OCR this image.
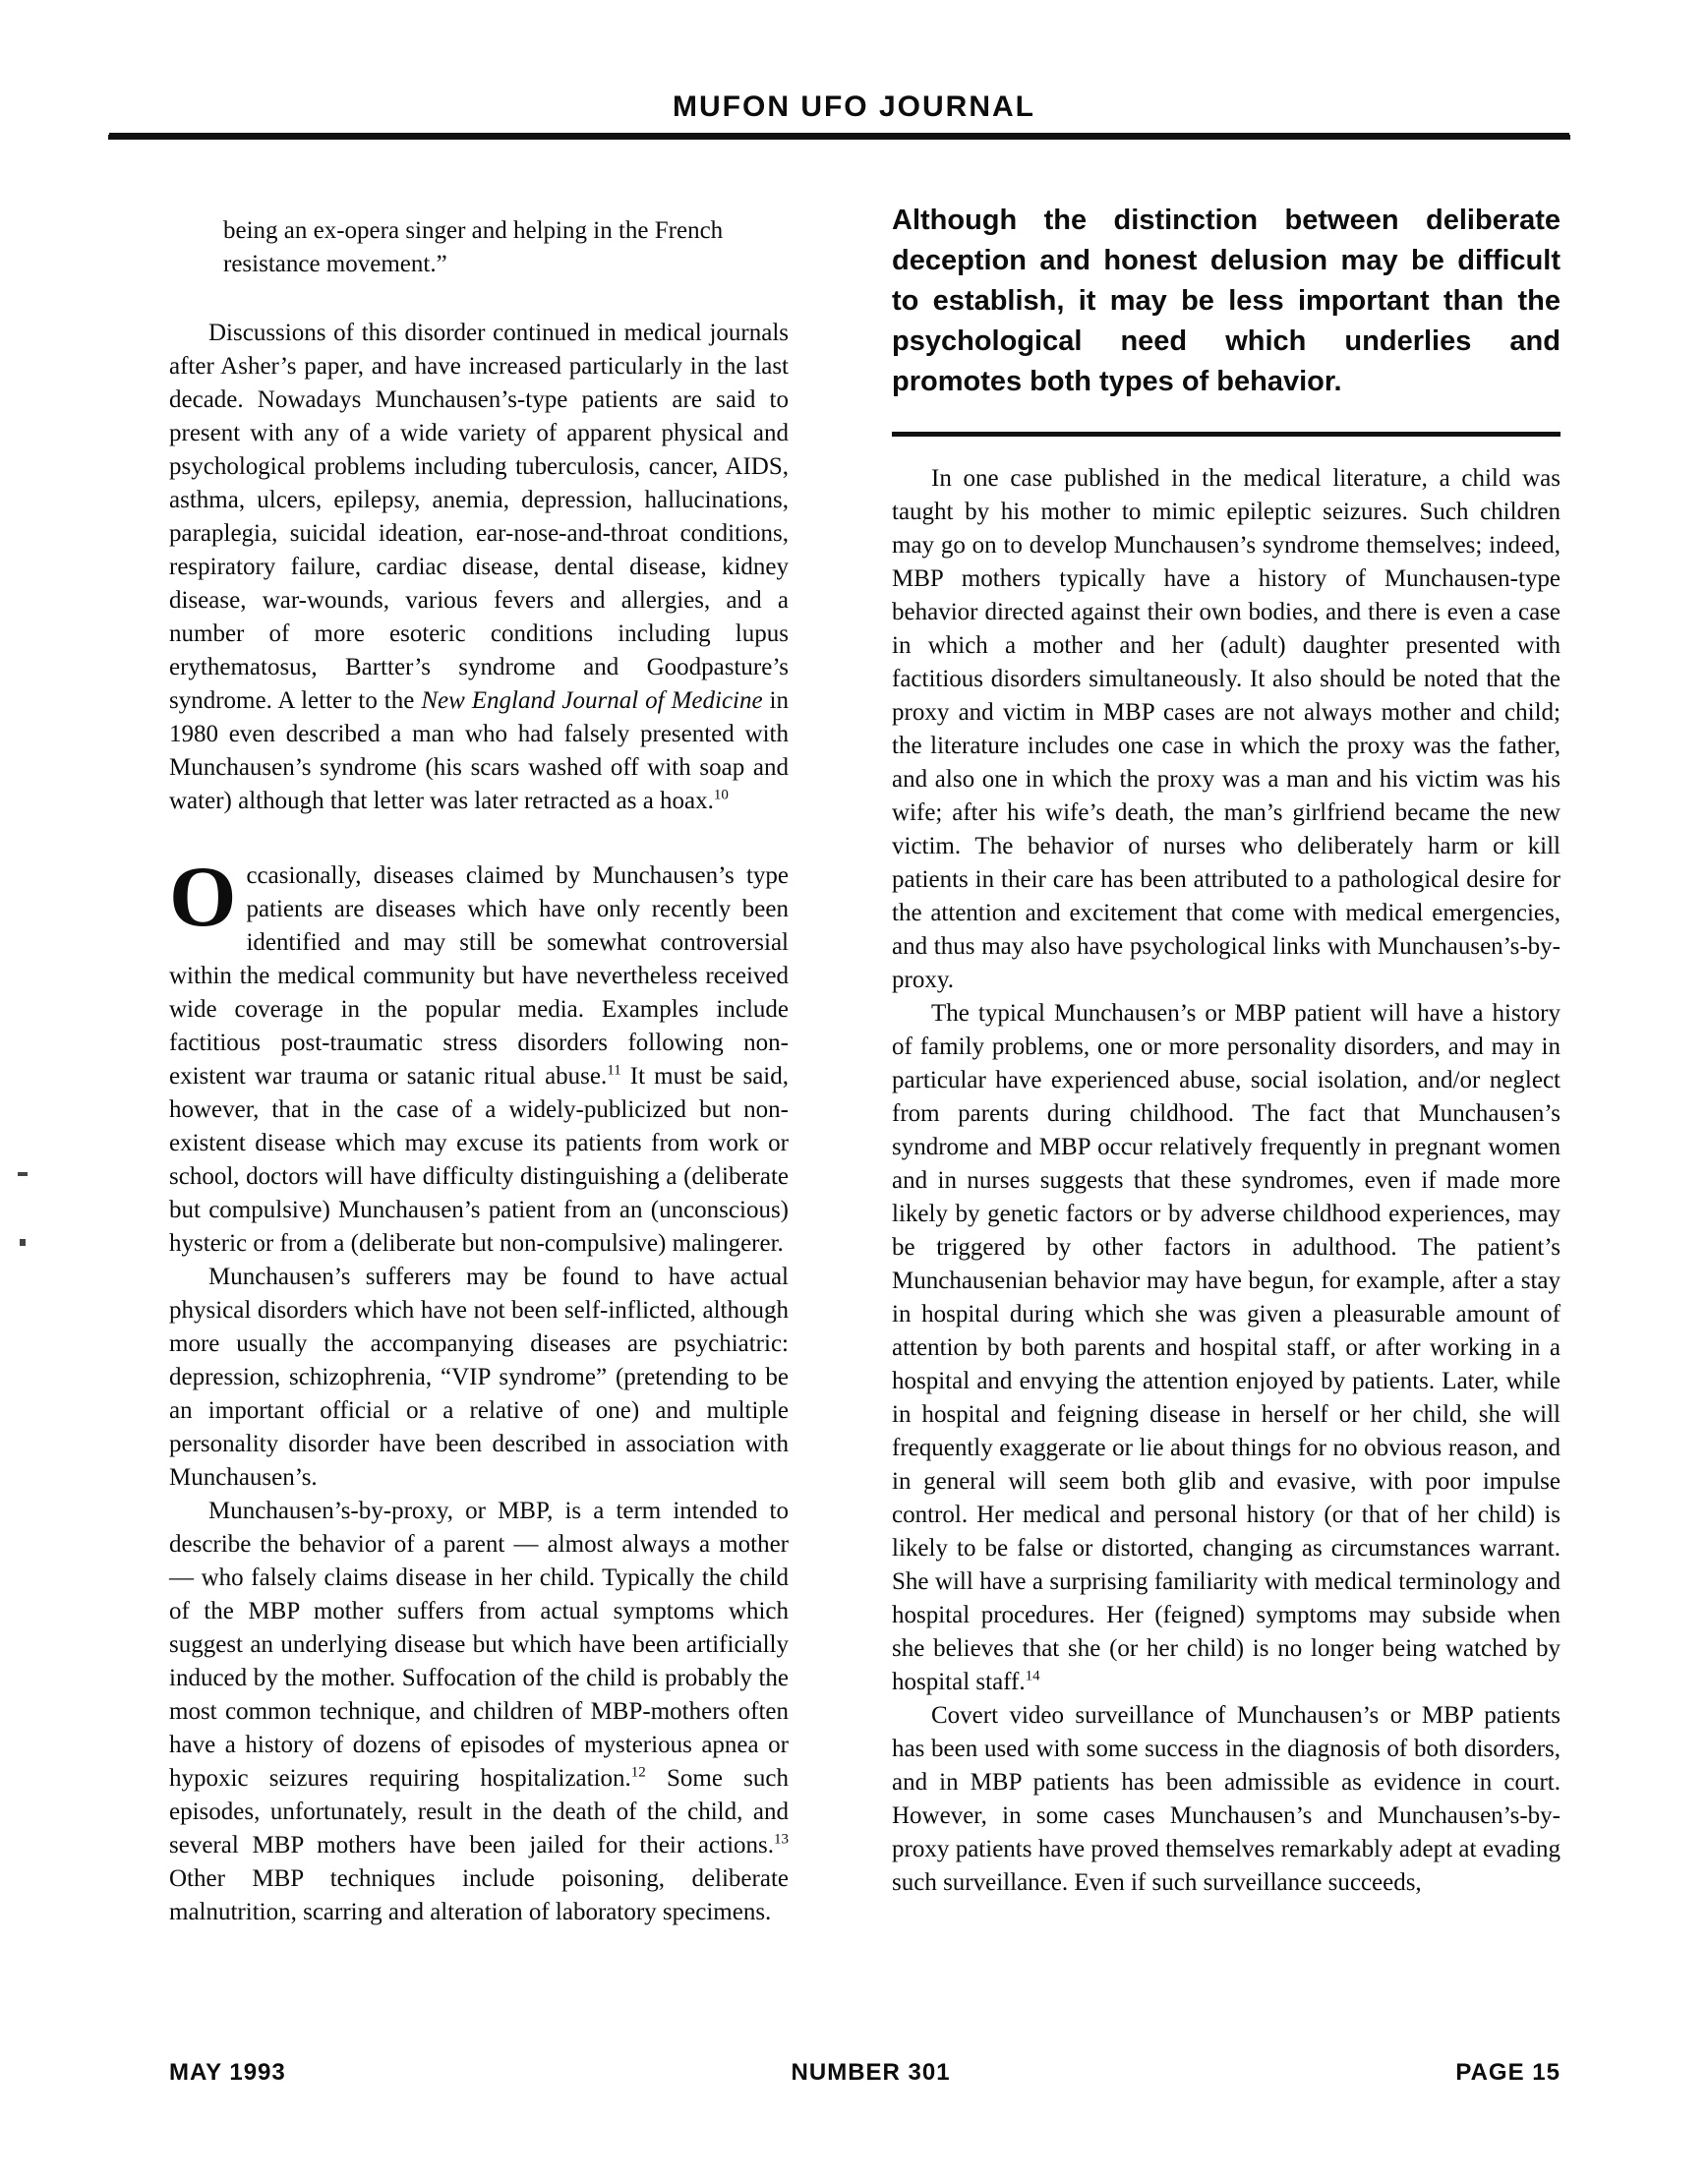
MUFON UFO JOURNAL

being an ex-opera singer and helping in the French resistance movement.”

Discussions of this disorder continued in medical journals after Asher’s paper, and have increased particularly in the last decade. Nowadays Munchausen’s-type patients are said to present with any of a wide variety of apparent physical and psychological problems including tuberculosis, cancer, AIDS, asthma, ulcers, epilepsy, anemia, depression, hallucinations, paraplegia, suicidal ideation, ear-nose-and-throat conditions, respiratory failure, cardiac disease, dental disease, kidney disease, war-wounds, various fevers and allergies, and a number of more esoteric conditions including lupus erythematosus, Bartter’s syndrome and Goodpasture’s syndrome. A letter to the New England Journal of Medicine in 1980 even described a man who had falsely presented with Munchausen’s syndrome (his scars washed off with soap and water) although that letter was later retracted as a hoax.$^{10}$

Occasionally, diseases claimed by Munchausen’s type patients are diseases which have only recently been identified and may still be somewhat controversial within the medical community but have nevertheless received wide coverage in the popular media. Examples include factitious post-traumatic stress disorders following non-existent war trauma or satanic ritual abuse.$^{11}$ It must be said, however, that in the case of a widely-publicized but non-existent disease which may excuse its patients from work or school, doctors will have difficulty distinguishing a (deliberate but compulsive) Munchausen’s patient from an (unconscious) hysteric or from a (deliberate but non-compulsive) malingerer.

Munchausen’s sufferers may be found to have actual physical disorders which have not been self-inflicted, although more usually the accompanying diseases are psychiatric: depression, schizophrenia, “VIP syndrome” (pretending to be an important official or a relative of one) and multiple personality disorder have been described in association with Munchausen’s.

Munchausen’s-by-proxy, or MBP, is a term intended to describe the behavior of a parent — almost always a mother — who falsely claims disease in her child. Typically the child of the MBP mother suffers from actual symptoms which suggest an underlying disease but which have been artificially induced by the mother. Suffocation of the child is probably the most common technique, and children of MBP-mothers often have a history of dozens of episodes of mysterious apnea or hypoxic seizures requiring hospitalization.$^{12}$ Some such episodes, unfortunately, result in the death of the child, and several MBP mothers have been jailed for their actions.$^{13}$ Other MBP techniques include poisoning, deliberate malnutrition, scarring and alteration of laboratory specimens.

Although the distinction between deliberate deception and honest delusion may be difficult to establish, it may be less important than the psychological need which underlies and promotes both types of behavior.

In one case published in the medical literature, a child was taught by his mother to mimic epileptic seizures. Such children may go on to develop Munchausen’s syndrome themselves; indeed, MBP mothers typically have a history of Munchausen-type behavior directed against their own bodies, and there is even a case in which a mother and her (adult) daughter presented with factitious disorders simultaneously. It also should be noted that the proxy and victim in MBP cases are not always mother and child; the literature includes one case in which the proxy was the father, and also one in which the proxy was a man and his victim was his wife; after his wife’s death, the man’s girlfriend became the new victim. The behavior of nurses who deliberately harm or kill patients in their care has been attributed to a pathological desire for the attention and excitement that come with medical emergencies, and thus may also have psychological links with Munchausen’s-by-proxy.

The typical Munchausen’s or MBP patient will have a history of family problems, one or more personality disorders, and may in particular have experienced abuse, social isolation, and/or neglect from parents during childhood. The fact that Munchausen’s syndrome and MBP occur relatively frequently in pregnant women and in nurses suggests that these syndromes, even if made more likely by genetic factors or by adverse childhood experiences, may be triggered by other factors in adulthood. The patient’s Munchausenian behavior may have begun, for example, after a stay in hospital during which she was given a pleasurable amount of attention by both parents and hospital staff, or after working in a hospital and envying the attention enjoyed by patients. Later, while in hospital and feigning disease in herself or her child, she will frequently exaggerate or lie about things for no obvious reason, and in general will seem both glib and evasive, with poor impulse control. Her medical and personal history (or that of her child) is likely to be false or distorted, changing as circumstances warrant. She will have a surprising familiarity with medical terminology and hospital procedures. Her (feigned) symptoms may subside when she believes that she (or her child) is no longer being watched by hospital staff.$^{14}$

Covert video surveillance of Munchausen’s or MBP patients has been used with some success in the diagnosis of both disorders, and in MBP patients has been admissible as evidence in court. However, in some cases Munchausen’s and Munchausen’s-by-proxy patients have proved themselves remarkably adept at evading such surveillance. Even if such surveillance succeeds,

MAY 1993	NUMBER 301	PAGE 15
